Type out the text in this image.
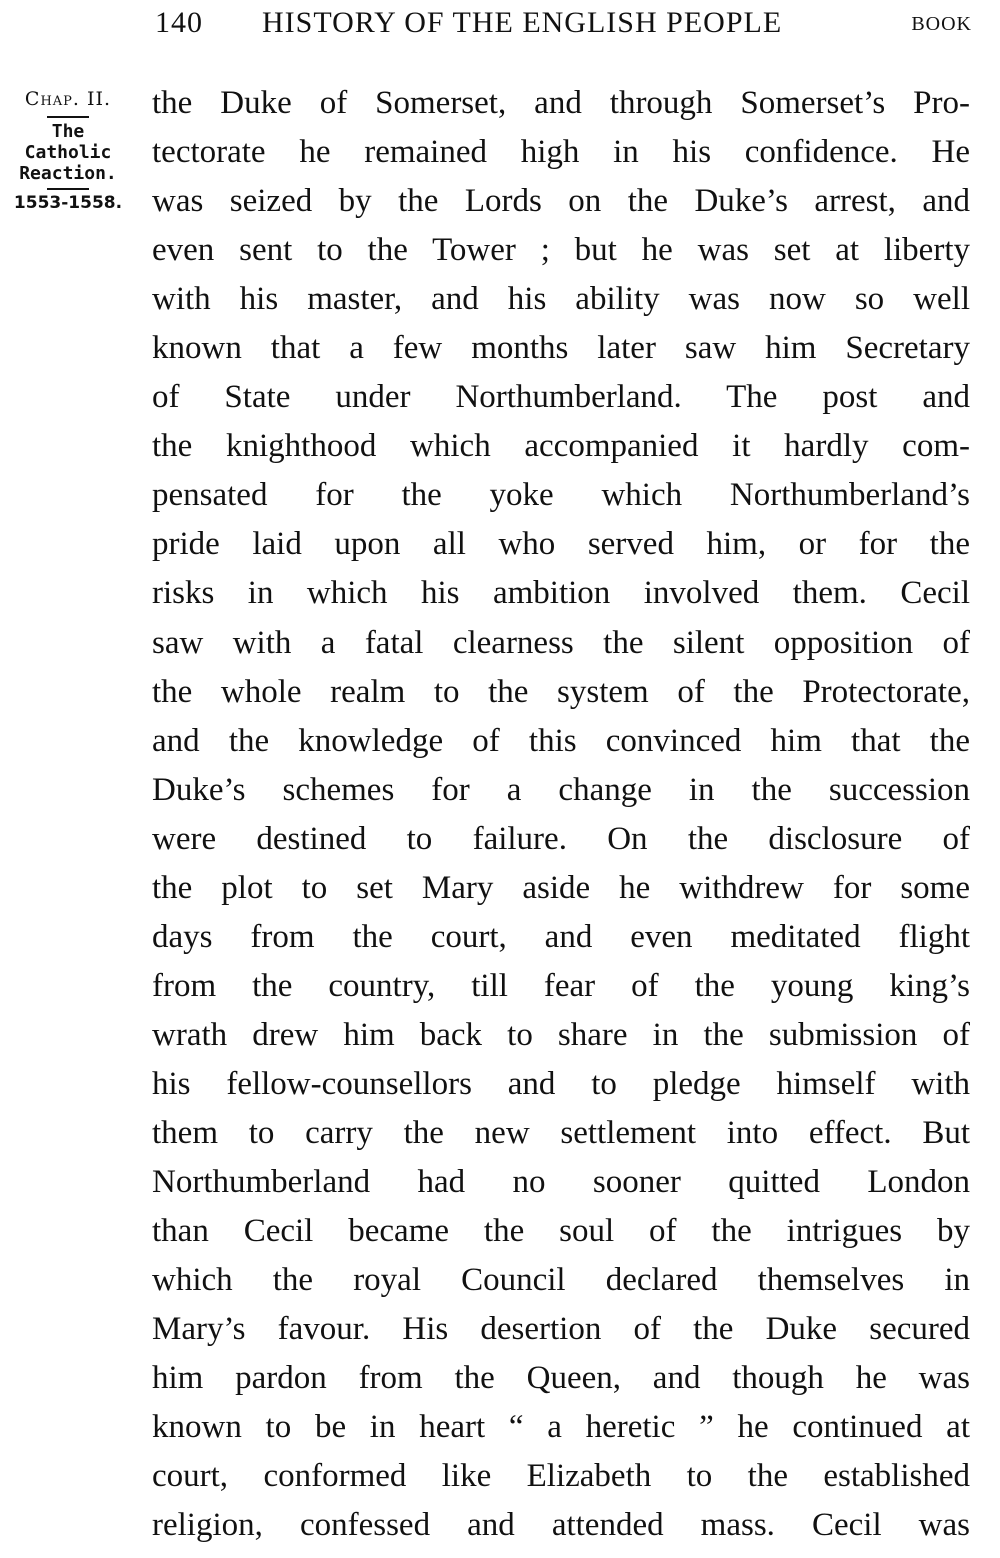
140 HISTORY OF THE ENGLISH PEOPLE	BOOK
Chap. II.
The
Catholic
Reaction.
1553-1558.
the Duke of Somerset, and through Somerset’s Pro-
tectorate he remained high in his confidence. He
was seized by the Lords on the Duke’s arrest, and
even sent to the Tower ; but he was set at liberty
with his master, and his ability was now so well
known that a few months later saw him Secretary
of State under Northumberland. The post and
the knighthood which accompanied it hardly com-
pensated for the yoke which Northumberland’s
pride laid upon all who served him, or for the
risks in which his ambition involved them. Cecil
saw with a fatal clearness the silent opposition of
the whole realm to the system of the Protectorate,
and the knowledge of this convinced him that the
Duke’s schemes for a change in the succession
were destined to failure. On the disclosure of
the plot to set Mary aside he withdrew for some
days from the court, and even meditated flight
from the country, till fear of the young king’s
wrath drew him back to share in the submission of
his fellow-counsellors and to pledge himself with
them to carry the new settlement into effect. But
Northumberland had no sooner quitted London
than Cecil became the soul of the intrigues by
which the royal Council declared themselves in
Mary’s favour. His desertion of the Duke secured
him pardon from the Queen, and though he was
known to be in heart “ a heretic ” he continued at
court, conformed like Elizabeth to the established
religion, confessed and attended mass. Cecil was
